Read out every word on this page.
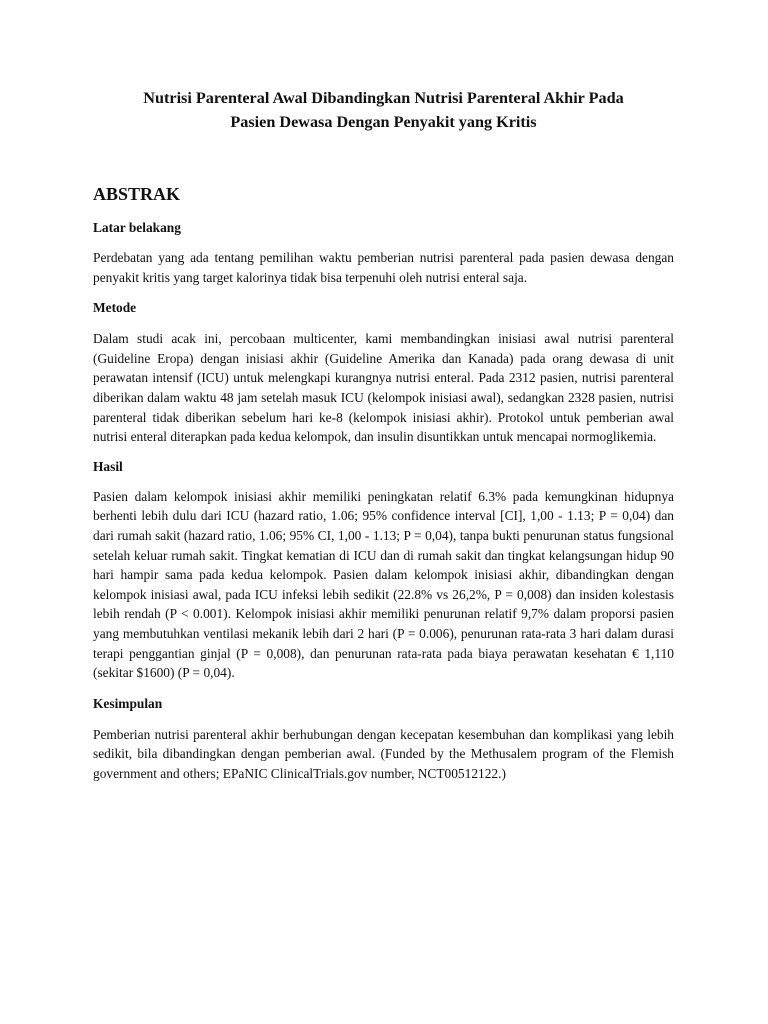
Nutrisi Parenteral Awal Dibandingkan Nutrisi Parenteral Akhir Pada
Pasien Dewasa Dengan Penyakit yang Kritis
ABSTRAK
Latar belakang

Perdebatan yang ada tentang pemilihan waktu pemberian nutrisi parenteral pada pasien dewasa dengan penyakit kritis yang target kalorinya tidak bisa terpenuhi oleh nutrisi enteral saja.

Metode

Dalam studi acak ini, percobaan multicenter, kami membandingkan inisiasi awal nutrisi parenteral (Guideline Eropa) dengan inisiasi akhir (Guideline Amerika dan Kanada) pada orang dewasa di unit perawatan intensif (ICU) untuk melengkapi kurangnya nutrisi enteral. Pada 2312 pasien, nutrisi parenteral diberikan dalam waktu 48 jam setelah masuk ICU (kelompok inisiasi awal), sedangkan 2328 pasien, nutrisi parenteral tidak diberikan sebelum hari ke-8 (kelompok inisiasi akhir). Protokol untuk pemberian awal nutrisi enteral diterapkan pada kedua kelompok, dan insulin disuntikkan untuk mencapai normoglikemia.

Hasil

Pasien dalam kelompok inisiasi akhir memiliki peningkatan relatif 6.3% pada kemungkinan hidupnya berhenti lebih dulu dari ICU (hazard ratio, 1.06; 95% confidence interval [CI], 1,00 - 1.13; P = 0,04) dan dari rumah sakit (hazard ratio, 1.06; 95% CI, 1,00 - 1.13; P = 0,04), tanpa bukti penurunan status fungsional setelah keluar rumah sakit. Tingkat kematian di ICU dan di rumah sakit dan tingkat kelangsungan hidup 90 hari hampir sama pada kedua kelompok. Pasien dalam kelompok inisiasi akhir, dibandingkan dengan kelompok inisiasi awal, pada ICU infeksi lebih sedikit (22.8% vs 26,2%, P = 0,008) dan insiden kolestasis lebih rendah (P < 0.001). Kelompok inisiasi akhir memiliki penurunan relatif 9,7% dalam proporsi pasien yang membutuhkan ventilasi mekanik lebih dari 2 hari (P = 0.006), penurunan rata-rata 3 hari dalam durasi terapi penggantian ginjal (P = 0,008), dan penurunan rata-rata pada biaya perawatan kesehatan € 1,110 (sekitar $1600) (P = 0,04).

Kesimpulan

Pemberian nutrisi parenteral akhir berhubungan dengan kecepatan kesembuhan dan komplikasi yang lebih sedikit, bila dibandingkan dengan pemberian awal. (Funded by the Methusalem program of the Flemish government and others; EPaNIC ClinicalTrials.gov number, NCT00512122.)
